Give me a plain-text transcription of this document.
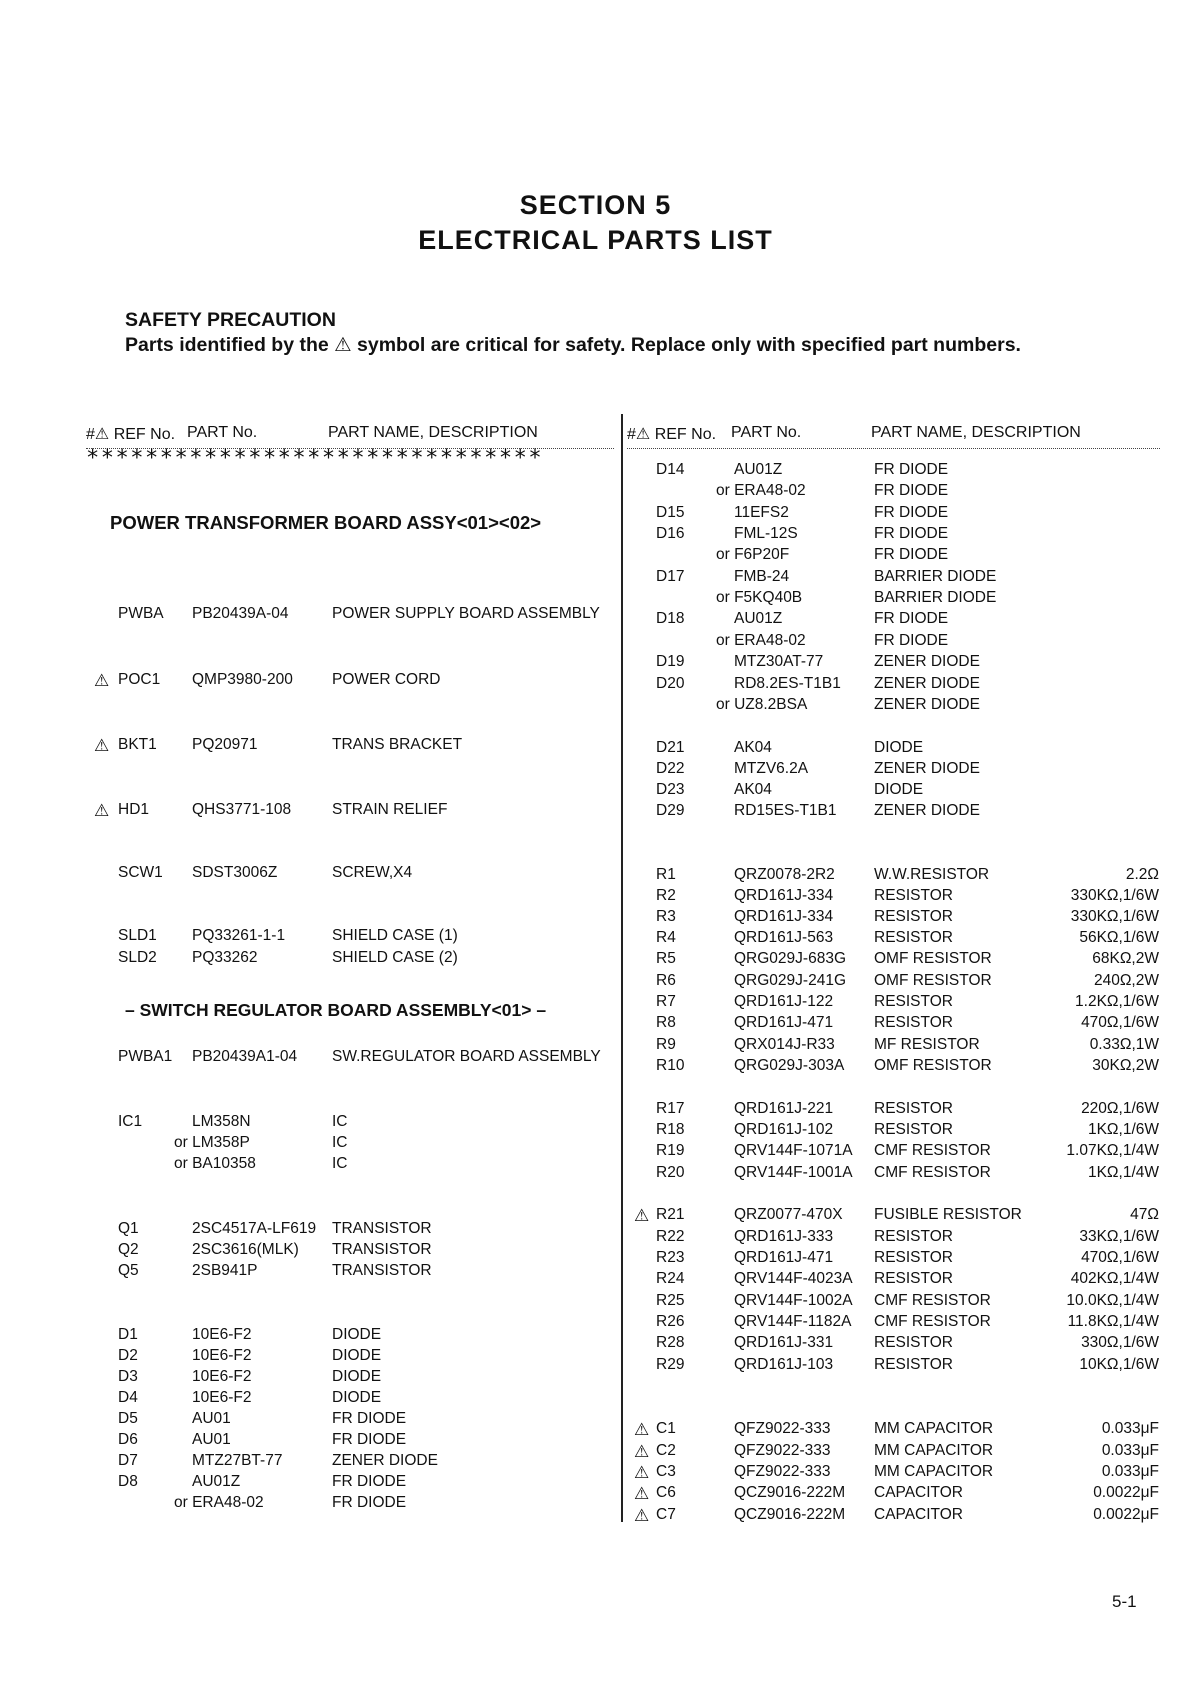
SECTION 5
ELECTRICAL PARTS LIST
SAFETY PRECAUTION
Parts identified by the ⚠ symbol are critical for safety. Replace only with specified part numbers.
#⚠ REF No. PART No.	PART NAME, DESCRIPTION
*******************************
#⚠ REF No. PART No.	PART NAME, DESCRIPTION
POWER TRANSFORMER BOARD ASSY<01><02>
– SWITCH REGULATOR BOARD ASSEMBLY<01> –
PWBA PB20439A-04	POWER SUPPLY BOARD ASSEMBLY
⚠ POC1 QMP3980-200	POWER CORD
⚠ BKT1 PQ20971	TRANS BRACKET
⚠ HD1	QHS3771-108	STRAIN RELIEF
SCW1 SDST3006Z	SCREW,X4
SLD1 PQ33261-1-1	SHIELD CASE (1)
SLD2 PQ33262	SHIELD CASE (2)
PWBA1 PB20439A1-04 SW.REGULATOR BOARD ASSEMBLY
IC1	LM358N	IC
or LM358P	IC
or BA10358	IC
Q1	2SC4517A-LF619 TRANSISTOR
Q2	2SC3616(MLK) TRANSISTOR
Q5	2SB941P	TRANSISTOR
D1	10E6-F2	DIODE
D2	10E6-F2	DIODE
D3	10E6-F2	DIODE
D4	10E6-F2	DIODE
D5	AU01	FR DIODE
D6	AU01	FR DIODE
D7	MTZ27BT-77	ZENER DIODE
D8	AU01Z	FR DIODE
or ERA48-02	FR DIODE
D14	AU01Z	FR DIODE
or ERA48-02	FR DIODE
D15	11EFS2	FR DIODE
D16	FML-12S	FR DIODE
or F6P20F	FR DIODE
D17	FMB-24	BARRIER DIODE
or F5KQ40B	BARRIER DIODE
D18	AU01Z	FR DIODE
or ERA48-02	FR DIODE
D19	MTZ30AT-77	ZENER DIODE
D20	RD8.2ES-T1B1 ZENER DIODE
or UZ8.2BSA	ZENER DIODE
D21	AK04	DIODE
D22	MTZV6.2A	ZENER DIODE
D23	AK04	DIODE
D29	RD15ES-T1B1 ZENER DIODE
R1	QRZ0078-2R2	W.W.RESISTOR	2.2Ω
R2	QRD161J-334	RESISTOR	330KΩ,1/6W
R3	QRD161J-334	RESISTOR	330KΩ,1/6W
R4	QRD161J-563	RESISTOR	56KΩ,1/6W
R5	QRG029J-683G OMF RESISTOR	68KΩ,2W
R6	QRG029J-241G OMF RESISTOR	240Ω,2W
R7	QRD161J-122	RESISTOR	1.2KΩ,1/6W
R8	QRD161J-471	RESISTOR	470Ω,1/6W
R9	QRX014J-R33	MF RESISTOR	0.33Ω,1W
R10	QRG029J-303A OMF RESISTOR	30KΩ,2W
R17	QRD161J-221	RESISTOR	220Ω,1/6W
R18	QRD161J-102	RESISTOR	1KΩ,1/6W
R19	QRV144F-1071A CMF RESISTOR	1.07KΩ,1/4W
R20	QRV144F-1001A CMF RESISTOR	1KΩ,1/4W
⚠ R21	QRZ0077-470X FUSIBLE RESISTOR	47Ω
R22	QRD161J-333	RESISTOR	33KΩ,1/6W
R23	QRD161J-471	RESISTOR	470Ω,1/6W
R24	QRV144F-4023A RESISTOR	402KΩ,1/4W
R25	QRV144F-1002A CMF RESISTOR	10.0KΩ,1/4W
R26	QRV144F-1182A CMF RESISTOR	11.8KΩ,1/4W
R28	QRD161J-331	RESISTOR	330Ω,1/6W
R29	QRD161J-103	RESISTOR	10KΩ,1/6W
⚠ C1	QFZ9022-333	MM CAPACITOR	0.033μF
⚠ C2	QFZ9022-333	MM CAPACITOR	0.033μF
⚠ C3	QFZ9022-333	MM CAPACITOR	0.033μF
⚠ C6	QCZ9016-222M CAPACITOR	0.0022μF
⚠ C7	QCZ9016-222M CAPACITOR	0.0022μF
5-1
